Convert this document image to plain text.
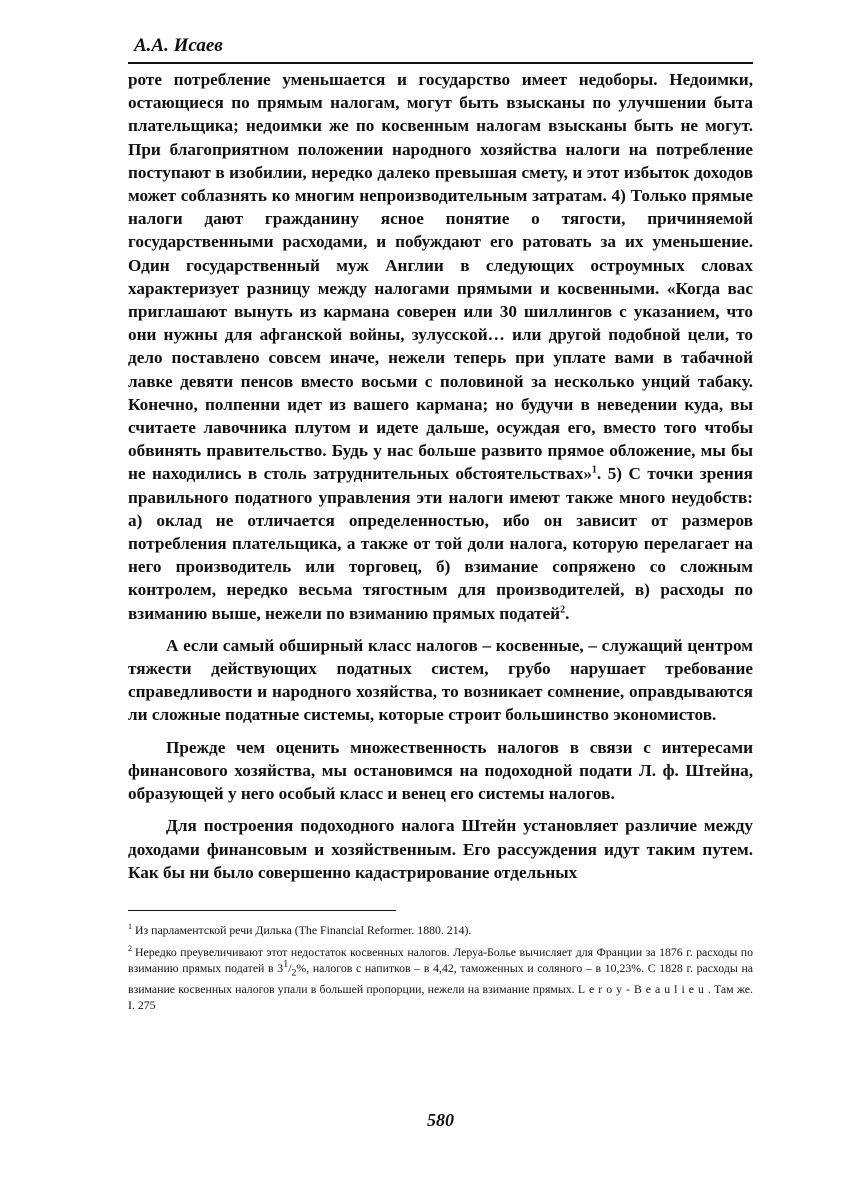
А.А. Исаев

роте потребление уменьшается и государство имеет недоборы. Недоимки, остающиеся по прямым налогам, могут быть взысканы по улучшении быта плательщика; недоимки же по косвенным налогам взысканы быть не могут. При благоприятном положении народного хозяйства налоги на потребление поступают в изобилии, нередко далеко превышая смету, и этот избыток доходов может соблазнять ко многим непроизводительным затратам. 4) Только прямые налоги дают гражданину ясное понятие о тягости, причиняемой государственными расходами, и побуждают его ратовать за их уменьшение. Один государственный муж Англии в следующих остроумных словах характеризует разницу между налогами прямыми и косвенными. «Когда вас приглашают вынуть из кармана соверен или 30 шиллингов с указанием, что они нужны для афганской войны, зулусской… или другой подобной цели, то дело поставлено совсем иначе, нежели теперь при уплате вами в табачной лавке девяти пенсов вместо восьми с половиной за несколько унций табаку. Конечно, полпенни идет из вашего кармана; но будучи в неведении куда, вы считаете лавочника плутом и идете дальше, осуждая его, вместо того чтобы обвинять правительство. Будь у нас больше развито прямое обложение, мы бы не находились в столь затруднительных обстоятельствах»$^1$. 5) С точки зрения правильного податного управления эти налоги имеют также много неудобств: а) оклад не отличается определенностью, ибо он зависит от размеров потребления плательщика, а также от той доли налога, которую перелагает на него производитель или торговец, б) взимание сопряжено со сложным контролем, нередко весьма тягостным для производителей, в) расходы по взиманию выше, нежели по взиманию прямых податей$^2$.

А если самый обширный класс налогов – косвенные, – служащий центром тяжести действующих податных систем, грубо нарушает требование справедливости и народного хозяйства, то возникает сомнение, оправдываются ли сложные податные системы, которые строит большинство экономистов.

Прежде чем оценить множественность налогов в связи с интересами финансового хозяйства, мы остановимся на подоходной подати Л. ф. Штейна, образующей у него особый класс и венец его системы налогов.

Для построения подоходного налога Штейн установляет различие между доходами финансовым и хозяйственным. Его рассуждения идут таким путем. Как бы ни было совершенно кадастрирование отдельных

$^1$ Из парламентской речи Дилька (The Financial Reformer. 1880. 214).

$^2$ Нередко преувеличивают этот недостаток косвенных налогов. Леруа-Болье вычисляет для Франции за 1876 г. расходы по взиманию прямых податей в $3^1/_2\%$, налогов с напитков – в 4,42, таможенных и соляного – в 10,23%. С 1828 г. расходы на взимание косвенных налогов упали в большей пропорции, нежели на взимание прямых. Leroy-Beaulieu. Там же. I. 275

580
